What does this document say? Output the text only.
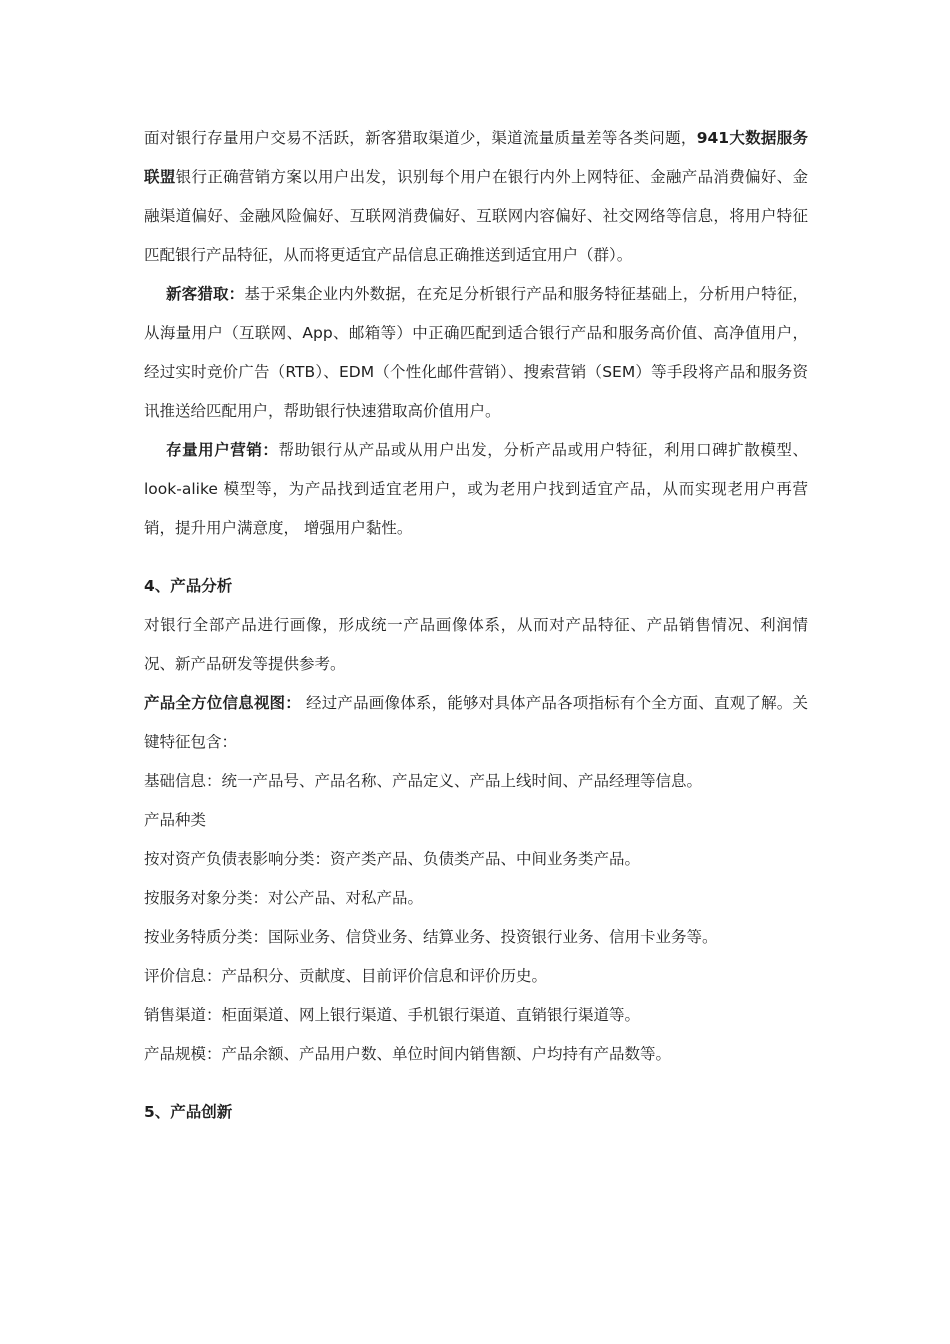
面对银行存量用户交易不活跃，新客猎取渠道少，渠道流量质量差等各类问题，941大数据服务联盟银行正确营销方案以用户出发，识别每个用户在银行内外上网特征、金融产品消费偏好、金融渠道偏好、金融风险偏好、互联网消费偏好、互联网内容偏好、社交网络等信息，将用户特征匹配银行产品特征，从而将更适宜产品信息正确推送到适宜用户（群）。

新客猎取：基于采集企业内外数据，在充足分析银行产品和服务特征基础上，分析用户特征，从海量用户（互联网、App、邮箱等）中正确匹配到适合银行产品和服务高价值、高净值用户，经过实时竞价广告（RTB）、EDM（个性化邮件营销）、搜索营销（SEM）等手段将产品和服务资讯推送给匹配用户，帮助银行快速猎取高价值用户。

存量用户营销：帮助银行从产品或从用户出发，分析产品或用户特征，利用口碑扩散模型、look-alike 模型等，为产品找到适宜老用户，或为老用户找到适宜产品，从而实现老用户再营销，提升用户满意度， 增强用户黏性。

4、产品分析

对银行全部产品进行画像，形成统一产品画像体系，从而对产品特征、产品销售情况、利润情况、新产品研发等提供参考。

产品全方位信息视图： 经过产品画像体系，能够对具体产品各项指标有个全方面、直观了解。关键特征包含：

基础信息：统一产品号、产品名称、产品定义、产品上线时间、产品经理等信息。

产品种类

按对资产负债表影响分类：资产类产品、负债类产品、中间业务类产品。

按服务对象分类：对公产品、对私产品。

按业务特质分类：国际业务、信贷业务、结算业务、投资银行业务、信用卡业务等。

评价信息：产品积分、贡献度、目前评价信息和评价历史。

销售渠道：柜面渠道、网上银行渠道、手机银行渠道、直销银行渠道等。

产品规模：产品余额、产品用户数、单位时间内销售额、户均持有产品数等。

5、产品创新
